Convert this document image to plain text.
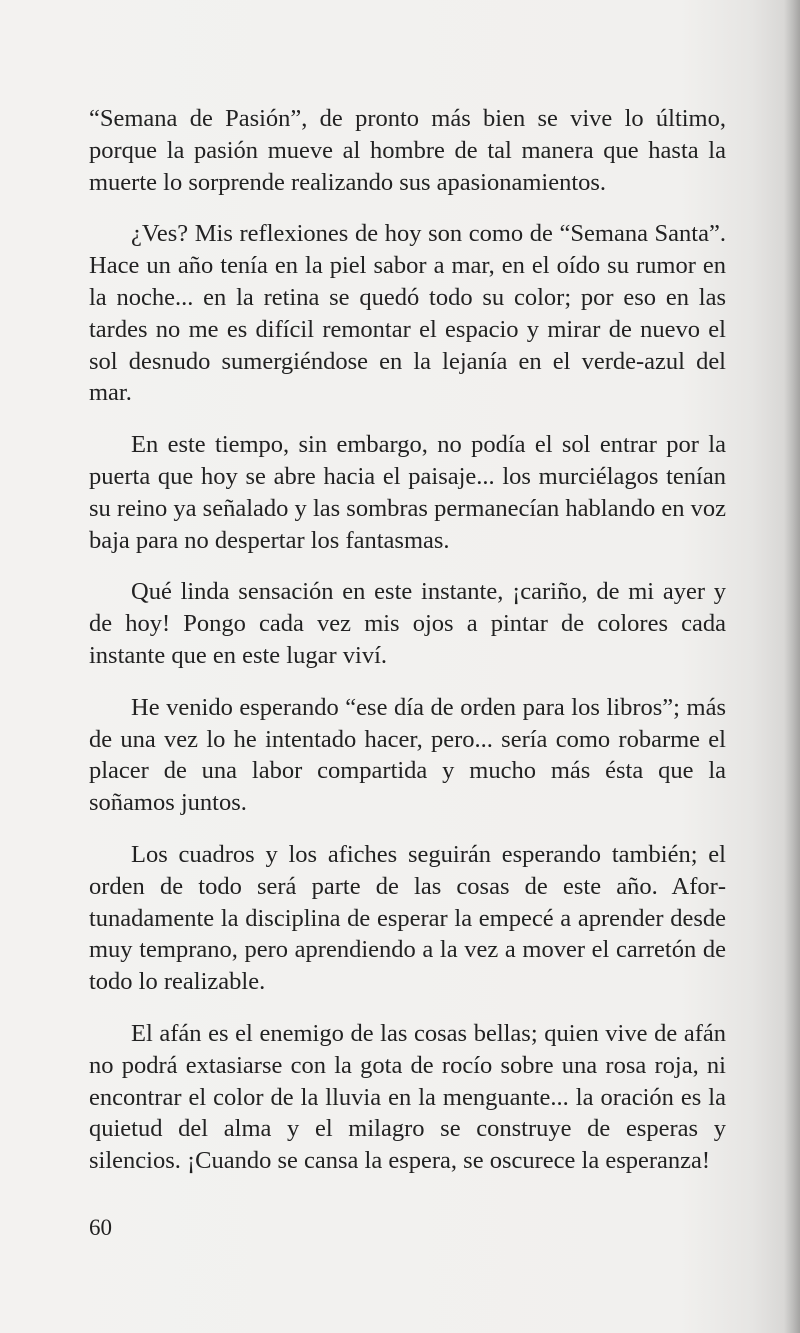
“Semana de Pasión”, de pronto más bien se vive lo último, porque la pasión mueve al hombre de tal manera que hasta la muerte lo sorprende realizando sus apasionamientos.

¿Ves? Mis reflexiones de hoy son como de “Semana Santa”. Hace un año tenía en la piel sabor a mar, en el oído su rumor en la noche... en la retina se quedó todo su color; por eso en las tardes no me es difícil remontar el espacio y mirar de nuevo el sol desnudo sumergiéndose en la lejanía en el verde-azul del mar.

En este tiempo, sin embargo, no podía el sol entrar por la puerta que hoy se abre hacia el paisaje... los murciélagos tenían su reino ya señalado y las sombras permanecían hablando en voz baja para no despertar los fantasmas.

Qué linda sensación en este instante, ¡cariño, de mi ayer y de hoy! Pongo cada vez mis ojos a pintar de colores cada instante que en este lugar viví.

He venido esperando “ese día de orden para los libros”; más de una vez lo he intentado hacer, pero... sería como robarme el placer de una labor compartida y mucho más ésta que la soñamos juntos.

Los cuadros y los afiches seguirán esperando también; el orden de todo será parte de las cosas de este año. Afortunadamente la disciplina de esperar la empecé a aprender desde muy temprano, pero aprendiendo a la vez a mover el carretón de todo lo realizable.

El afán es el enemigo de las cosas bellas; quien vive de afán no podrá extasiarse con la gota de rocío sobre una rosa roja, ni encontrar el color de la lluvia en la menguante... la oración es la quietud del alma y el milagro se construye de esperas y silencios. ¡Cuando se cansa la espera, se oscurece la esperanza!

60
